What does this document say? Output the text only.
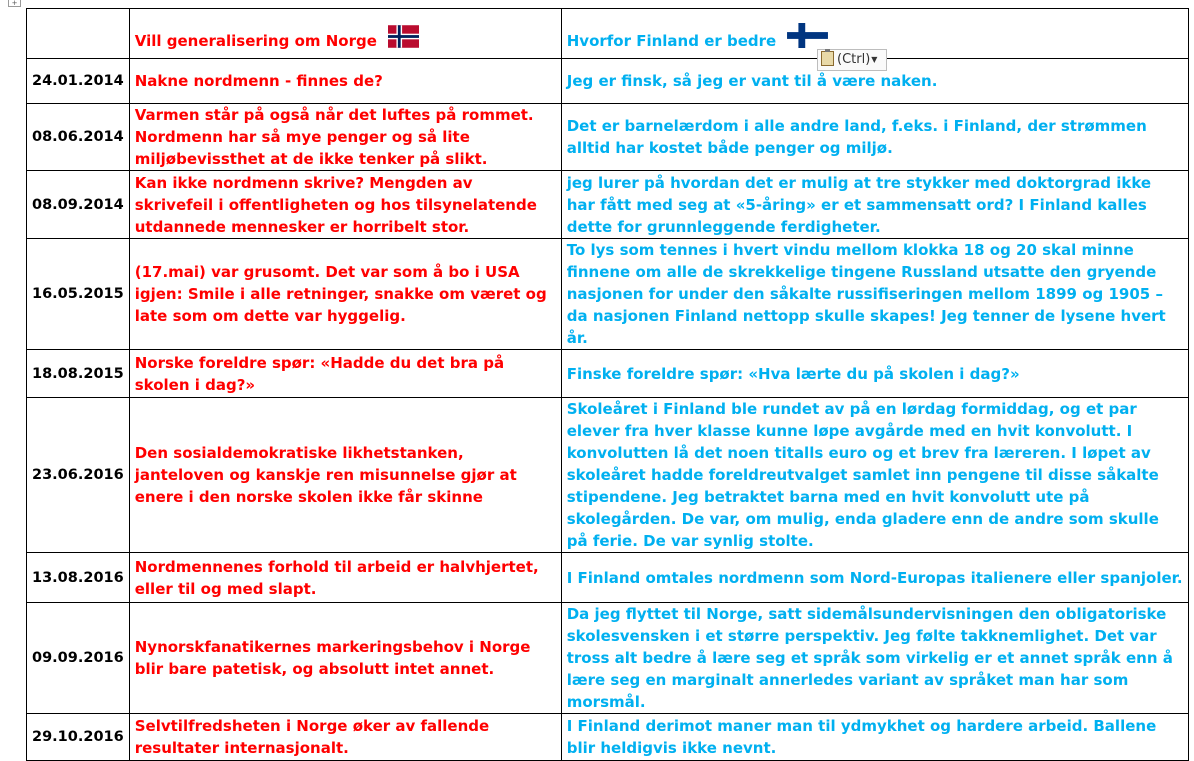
+
	Vill generalisering om Norge	Hvorfor Finland er bedre
24.01.2014	Nakne nordmenn - finnes de?	Jeg er finsk, så jeg er vant til å være naken.
08.06.2014	Varmen står på også når det luftes på rommet. Nordmenn har så mye penger og så lite miljøbevissthet at de ikke tenker på slikt.	Det er barnelærdom i alle andre land, f.eks. i Finland, der strømmen alltid har kostet både penger og miljø.
08.09.2014	Kan ikke nordmenn skrive? Mengden av skrivefeil i offentligheten og hos tilsynelatende utdannede mennesker er horribelt stor.	jeg lurer på hvordan det er mulig at tre stykker med doktorgrad ikke har fått med seg at «5-åring» er et sammensatt ord? I Finland kalles dette for grunnleggende ferdigheter.
16.05.2015	(17.mai) var grusomt. Det var som å bo i USA igjen: Smile i alle retninger, snakke om været og late som om dette var hyggelig.	To lys som tennes i hvert vindu mellom klokka 18 og 20 skal minne finnene om alle de skrekkelige tingene Russland utsatte den gryende nasjonen for under den såkalte russifiseringen mellom 1899 og 1905 – da nasjonen Finland nettopp skulle skapes! Jeg tenner de lysene hvert år.
18.08.2015	Norske foreldre spør: «Hadde du det bra på skolen i dag?»	Finske foreldre spør: «Hva lærte du på skolen i dag?»
23.06.2016	Den sosialdemokratiske likhetstanken, janteloven og kanskje ren misunnelse gjør at enere i den norske skolen ikke får skinne	Skoleåret i Finland ble rundet av på en lørdag formiddag, og et par elever fra hver klasse kunne løpe avgårde med en hvit konvolutt. I konvolutten lå det noen titalls euro og et brev fra læreren. I løpet av skoleåret hadde foreldreutvalget samlet inn pengene til disse såkalte stipendene. Jeg betraktet barna med en hvit konvolutt ute på skolegården. De var, om mulig, enda gladere enn de andre som skulle på ferie. De var synlig stolte.
13.08.2016	Nordmennenes forhold til arbeid er halvhjertet, eller til og med slapt.	I Finland omtales nordmenn som Nord-Europas italienere eller spanjoler.
09.09.2016	Nynorskfanatikernes markeringsbehov i Norge blir bare patetisk, og absolutt intet annet.	Da jeg flyttet til Norge, satt sidemålsundervisningen den obligatoriske skolesvensken i et større perspektiv. Jeg følte takknemlighet. Det var tross alt bedre å lære seg et språk som virkelig er et annet språk enn å lære seg en marginalt annerledes variant av språket man har som morsmål.
29.10.2016	Selvtilfredsheten i Norge øker av fallende resultater internasjonalt.	I Finland derimot maner man til ydmykhet og hardere arbeid. Ballene blir heldigvis ikke nevnt.
(Ctrl)▼
